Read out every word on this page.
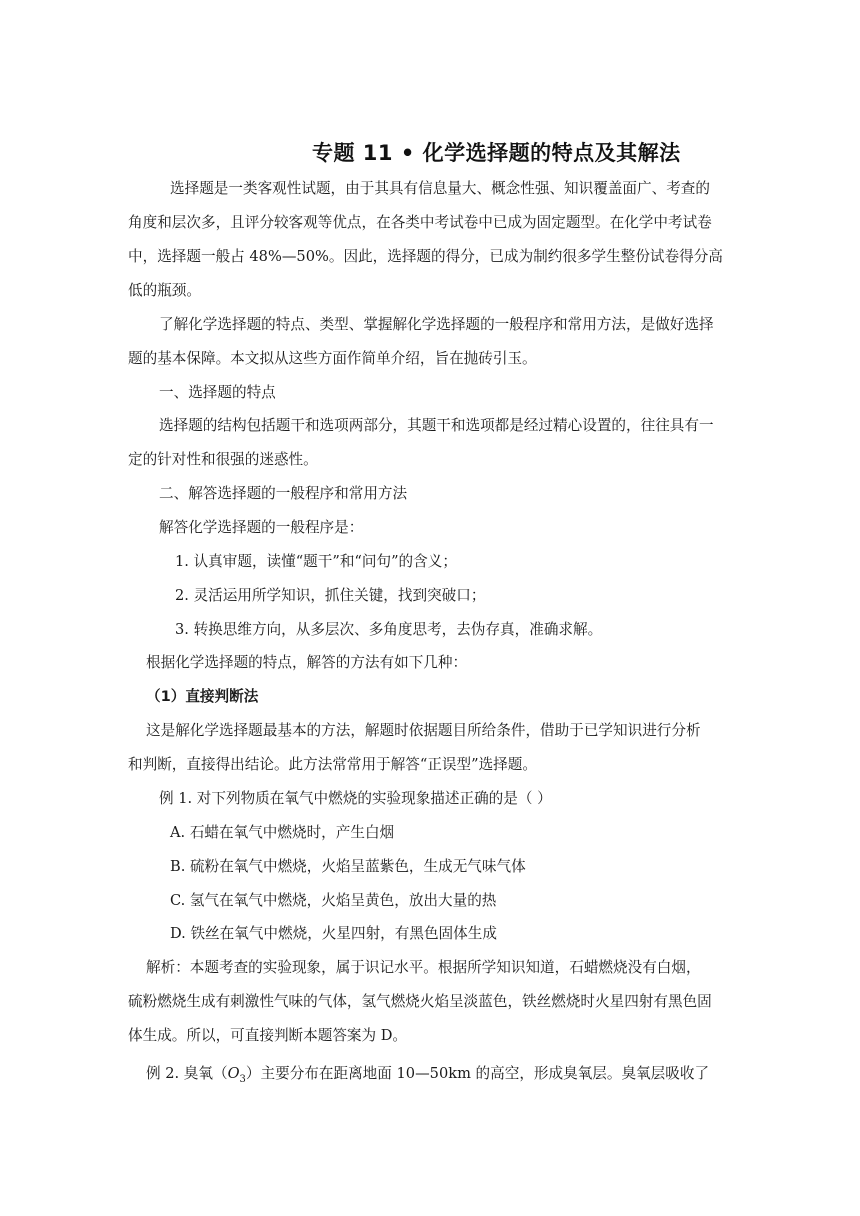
专题 11 • 化学选择题的特点及其解法
选择题是一类客观性试题，由于其具有信息量大、概念性强、知识覆盖面广、考查的
角度和层次多，且评分较客观等优点，在各类中考试卷中已成为固定题型。在化学中考试卷
中，选择题一般占 48%—50%。因此，选择题的得分，已成为制约很多学生整份试卷得分高
低的瓶颈。
了解化学选择题的特点、类型、掌握解化学选择题的一般程序和常用方法，是做好选择
题的基本保障。本文拟从这些方面作简单介绍，旨在抛砖引玉。
一、选择题的特点
选择题的结构包括题干和选项两部分，其题干和选项都是经过精心设置的，往往具有一
定的针对性和很强的迷惑性。
二、解答选择题的一般程序和常用方法
解答化学选择题的一般程序是：
1. 认真审题，读懂“题干”和“问句”的含义；
2. 灵活运用所学知识，抓住关键，找到突破口；
3. 转换思维方向，从多层次、多角度思考，去伪存真，准确求解。
根据化学选择题的特点，解答的方法有如下几种：
（1）直接判断法
这是解化学选择题最基本的方法，解题时依据题目所给条件，借助于已学知识进行分析
和判断，直接得出结论。此方法常常用于解答“正误型”选择题。
例 1. 对下列物质在氧气中燃烧的实验现象描述正确的是（ ）
A. 石蜡在氧气中燃烧时，产生白烟
B. 硫粉在氧气中燃烧，火焰呈蓝紫色，生成无气味气体
C. 氢气在氧气中燃烧，火焰呈黄色，放出大量的热
D. 铁丝在氧气中燃烧，火星四射，有黑色固体生成
解析：本题考查的实验现象，属于识记水平。根据所学知识知道，石蜡燃烧没有白烟，
硫粉燃烧生成有刺激性气味的气体，氢气燃烧火焰呈淡蓝色，铁丝燃烧时火星四射有黑色固
体生成。所以，可直接判断本题答案为 D。
例 2. 臭氧$(O_3)$主要分布在距离地面 10—50km 的高空，形成臭氧层。臭氧层吸收了
